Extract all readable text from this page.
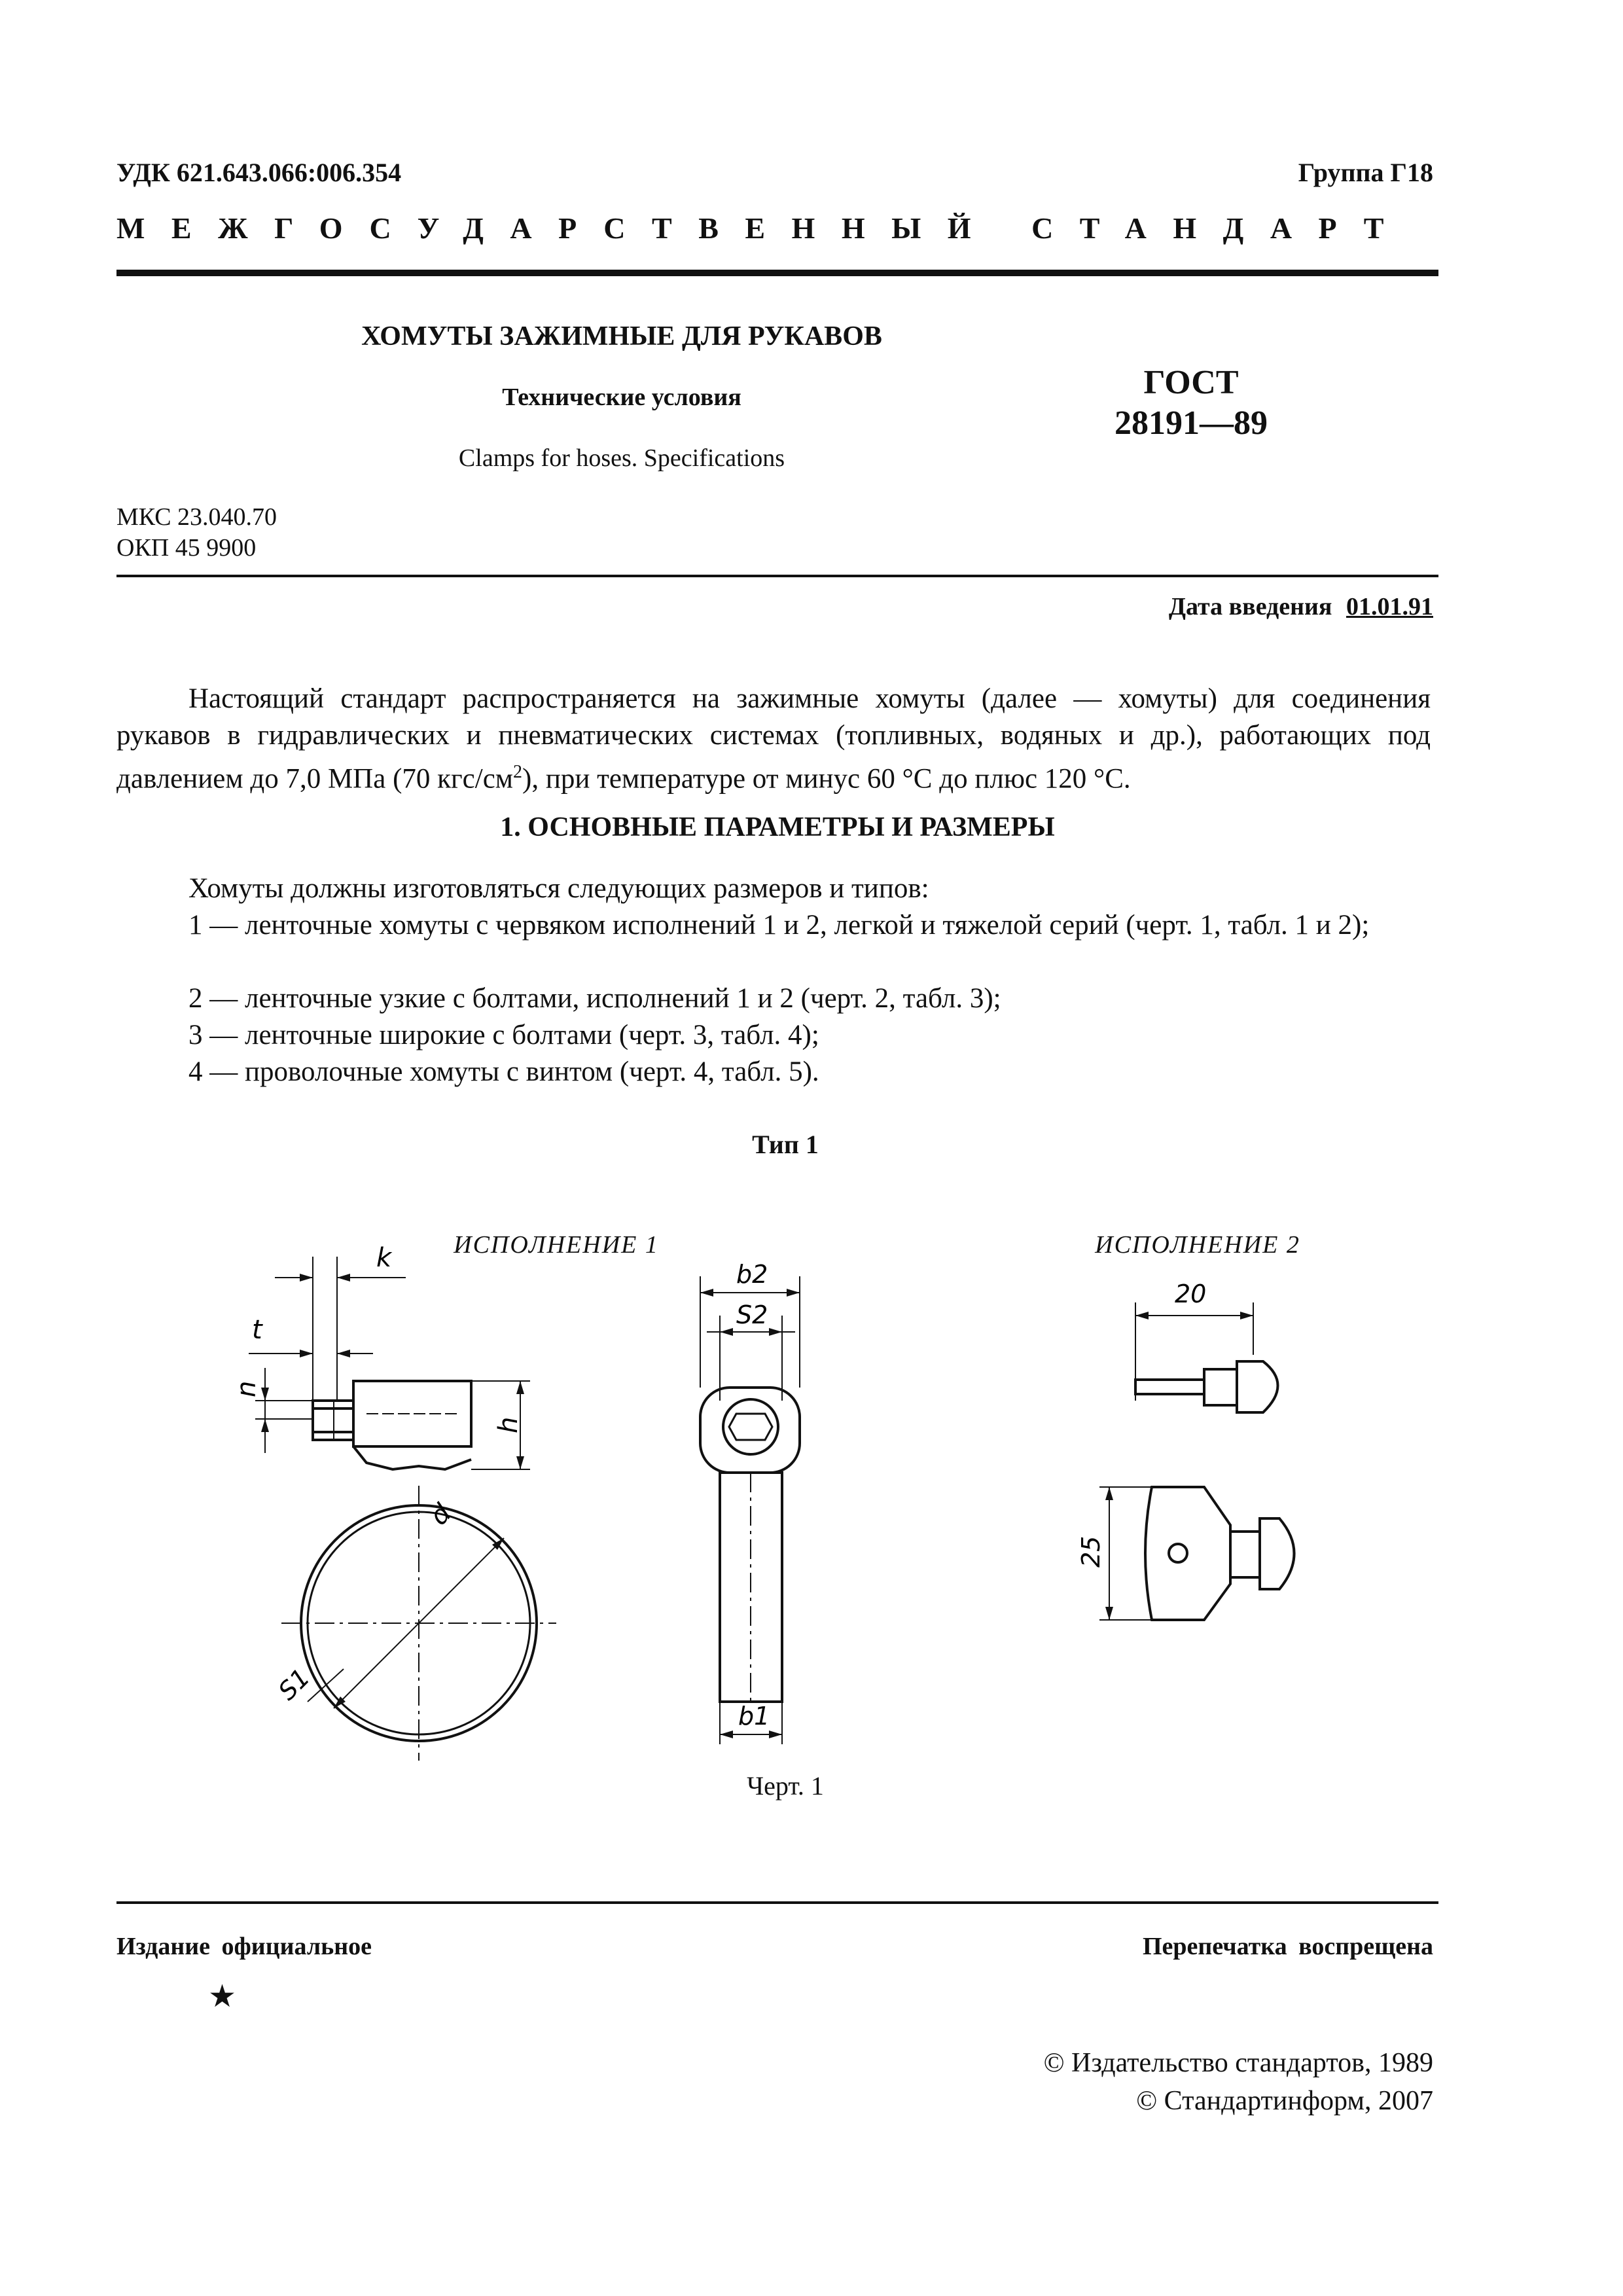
УДК 621.643.066:006.354	Группа Г18
МЕЖГОСУДАРСТВЕННЫЙ СТАНДАРТ
ХОМУТЫ ЗАЖИМНЫЕ ДЛЯ РУКАВОВ
Технические условия
Clamps for hoses. Specifications
ГОСТ
28191—89
МКС 23.040.70
ОКП 45 9900
Дата введения 01.01.91
Настоящий стандарт распространяется на зажимные хомуты (далее — хомуты) для соединения рукавов в гидравлических и пневматических системах (топливных, водяных и др.), работающих под давлением до 7,0 МПа (70 кгс/$см^2$), при температуре от минус 60 °С до плюс 120 °С.
1. ОСНОВНЫЕ ПАРАМЕТРЫ И РАЗМЕРЫ
Хомуты должны изготовляться следующих размеров и типов:
1 — ленточные хомуты с червяком исполнений 1 и 2, легкой и тяжелой серий (черт. 1, табл. 1 и 2);
2 — ленточные узкие с болтами, исполнений 1 и 2 (черт. 2, табл. 3);
3 — ленточные широкие с болтами (черт. 3, табл. 4);
4 — проволочные хомуты с винтом (черт. 4, табл. 5).
Тип 1
ИСПОЛНЕНИЕ 1	ИСПОЛНЕНИЕ 2
k
t
n
h
d
S1
b2
S2
b1
20
25
Черт. 1
Издание официальное	Перепечатка воспрещена
★
© Издательство стандартов, 1989
© Стандартинформ, 2007
